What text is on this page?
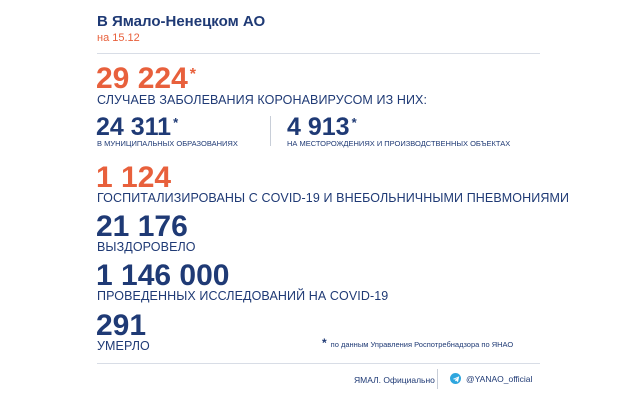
В Ямало-Ненецком АО
на 15.12
29 224 *
СЛУЧАЕВ ЗАБОЛЕВАНИЯ КОРОНАВИРУСОМ ИЗ НИХ:
24 311 *
В МУНИЦИПАЛЬНЫХ ОБРАЗОВАНИЯХ
4 913 *
НА МЕСТОРОЖДЕНИЯХ И ПРОИЗВОДСТВЕННЫХ ОБЪЕКТАХ
1 124
ГОСПИТАЛИЗИРОВАНЫ С COVID-19 И ВНЕБОЛЬНИЧНЫМИ ПНЕВМОНИЯМИ
21 176
ВЫЗДОРОВЕЛО
1 146 000
ПРОВЕДЕННЫХ ИССЛЕДОВАНИЙ НА COVID-19
291
УМЕРЛО	* по данным Управления Роспотребнадзора по ЯНАО
ЯМАЛ. Официально	@YANAO_official
